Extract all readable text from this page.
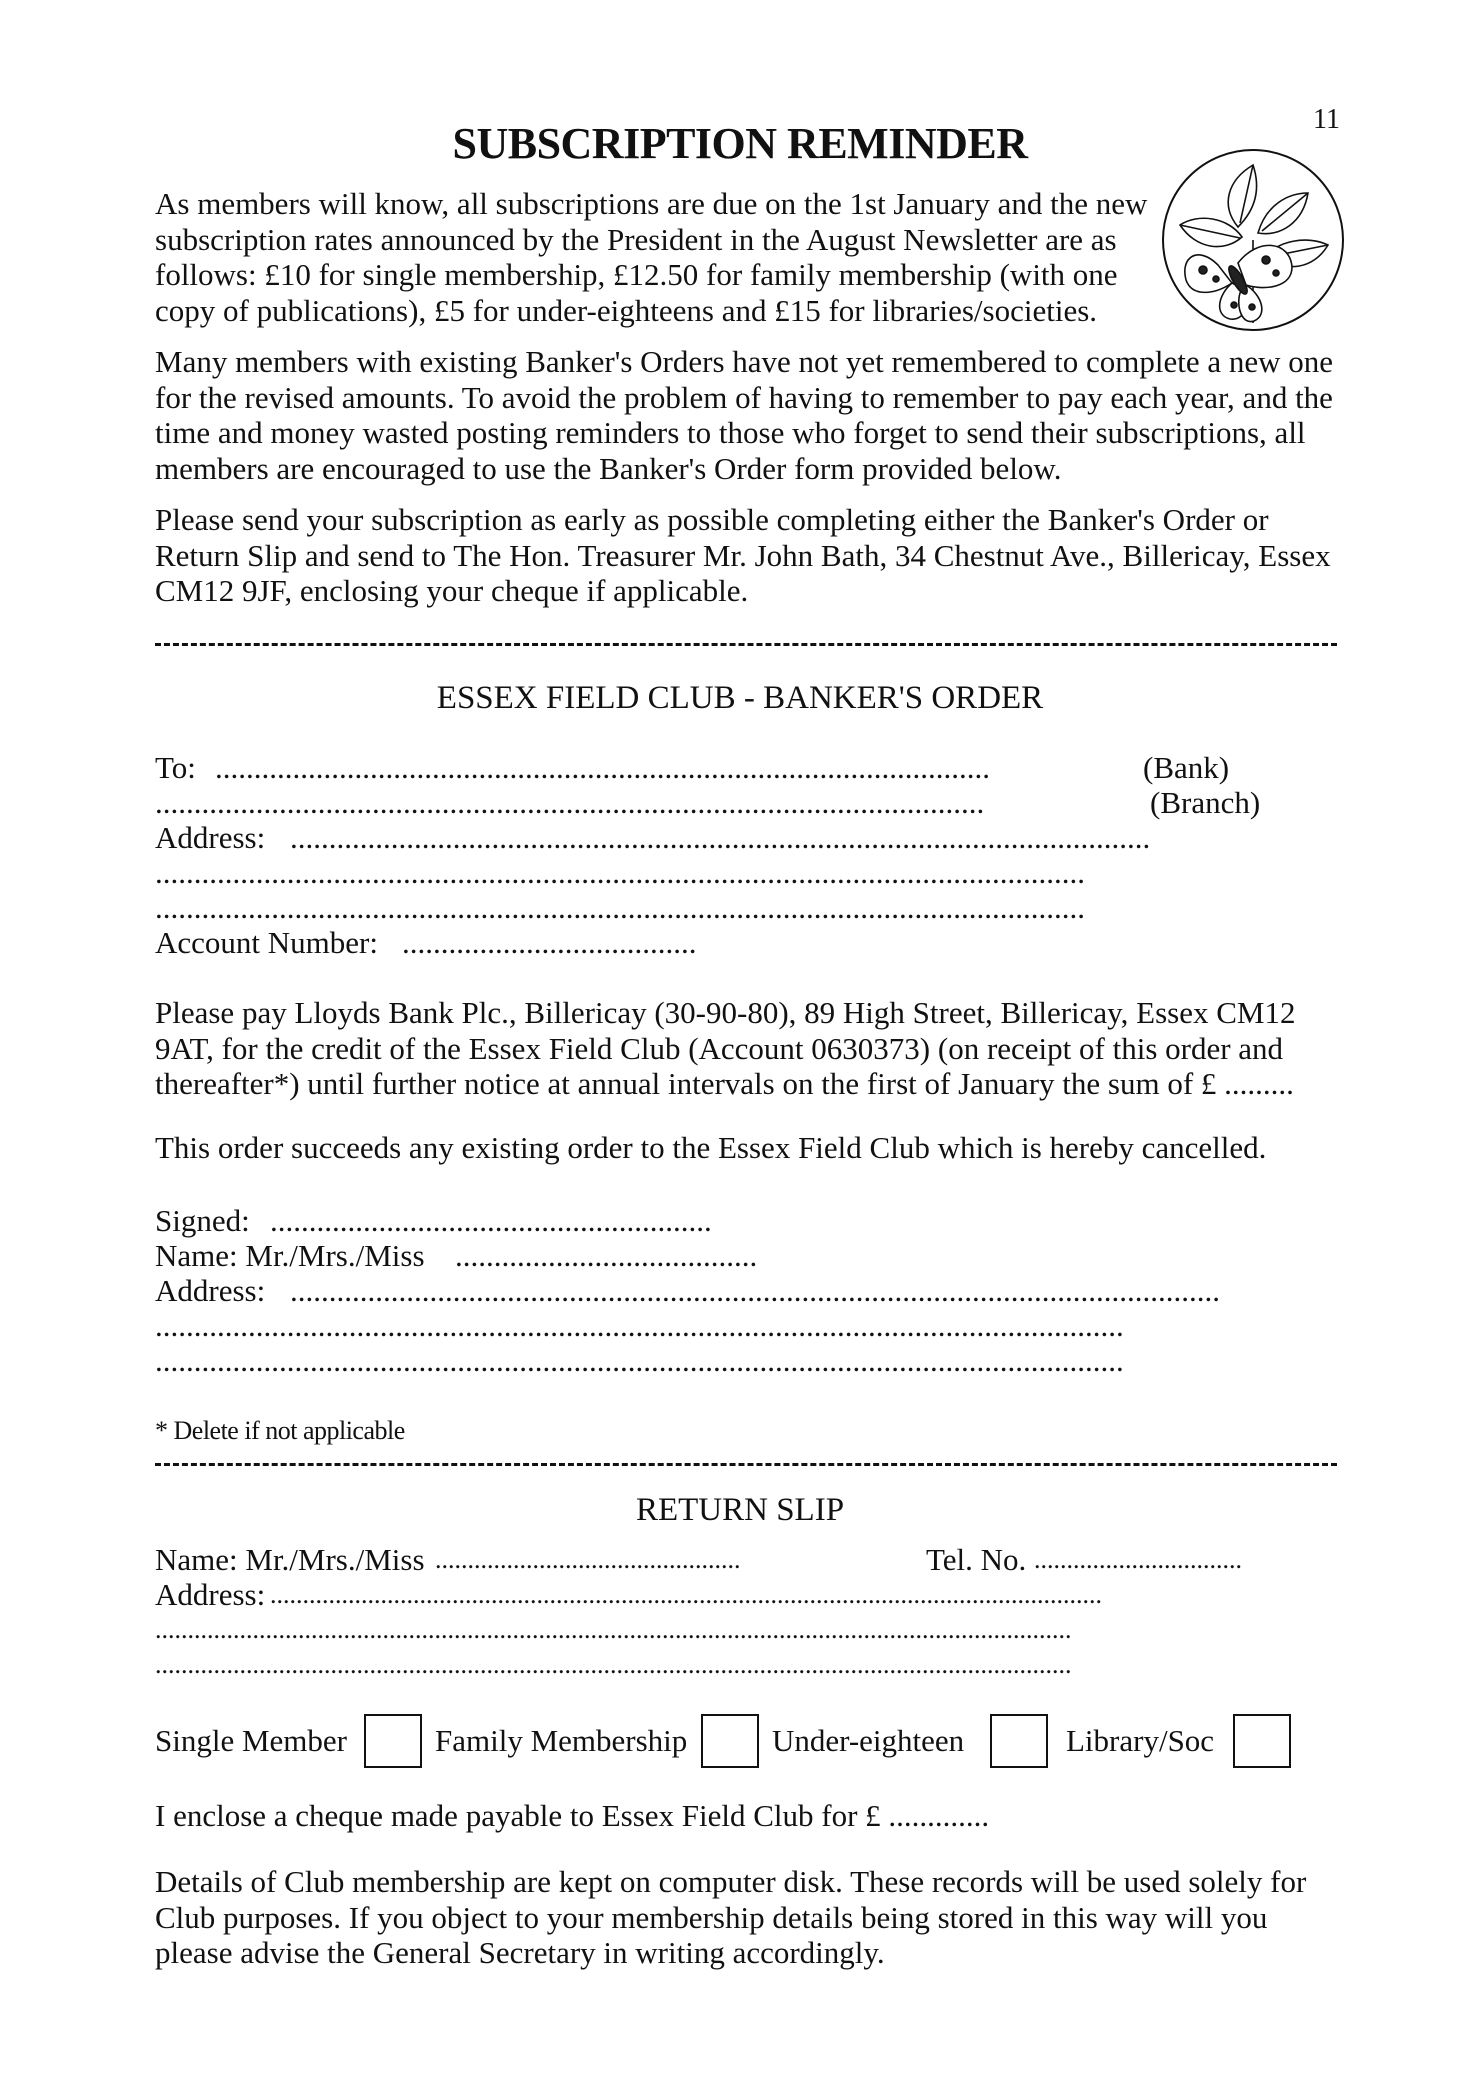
11
SUBSCRIPTION REMINDER
As members will know, all subscriptions are due on the 1st January and the new
subscription rates announced by the President in the August Newsletter are as
follows: £10 for single membership, £12.50 for family membership (with one
copy of publications), £5 for under-eighteens and £15 for libraries/societies.
Many members with existing Banker's Orders have not yet remembered to complete a new one
for the revised amounts. To avoid the problem of having to remember to pay each year, and the
time and money wasted posting reminders to those who forget to send their subscriptions, all
members are encouraged to use the Banker's Order form provided below.
Please send your subscription as early as possible completing either the Banker's Order or
Return Slip and send to The Hon. Treasurer Mr. John Bath, 34 Chestnut Ave., Billericay, Essex
CM12 9JF, enclosing your cheque if applicable.
ESSEX FIELD CLUB - BANKER'S ORDER
To: ....................................................................................................	(Bank)
...........................................................................................................	(Branch)
Address: ...............................................................................................................
........................................................................................................................
........................................................................................................................
Account Number: ......................................
Please pay Lloyds Bank Plc., Billericay (30-90-80), 89 High Street, Billericay, Essex CM12
9AT, for the credit of the Essex Field Club (Account 0630373) (on receipt of this order and
thereafter*) until further notice at annual intervals on the first of January the sum of £ .........
This order succeeds any existing order to the Essex Field Club which is hereby cancelled.
Signed: .........................................................
Name: Mr./Mrs./Miss .......................................
Address: ........................................................................................................................
.............................................................................................................................
.............................................................................................................................
* Delete if not applicable
RETURN SLIP
Name: Mr./Mrs./Miss ...............................................	Tel. No. ................................
Address: ................................................................................................................................
.............................................................................................................................................
.............................................................................................................................................
Single Member	Family Membership	Under-eighteen	Library/Soc
I enclose a cheque made payable to Essex Field Club for £ .............
Details of Club membership are kept on computer disk. These records will be used solely for
Club purposes. If you object to your membership details being stored in this way will you
please advise the General Secretary in writing accordingly.
